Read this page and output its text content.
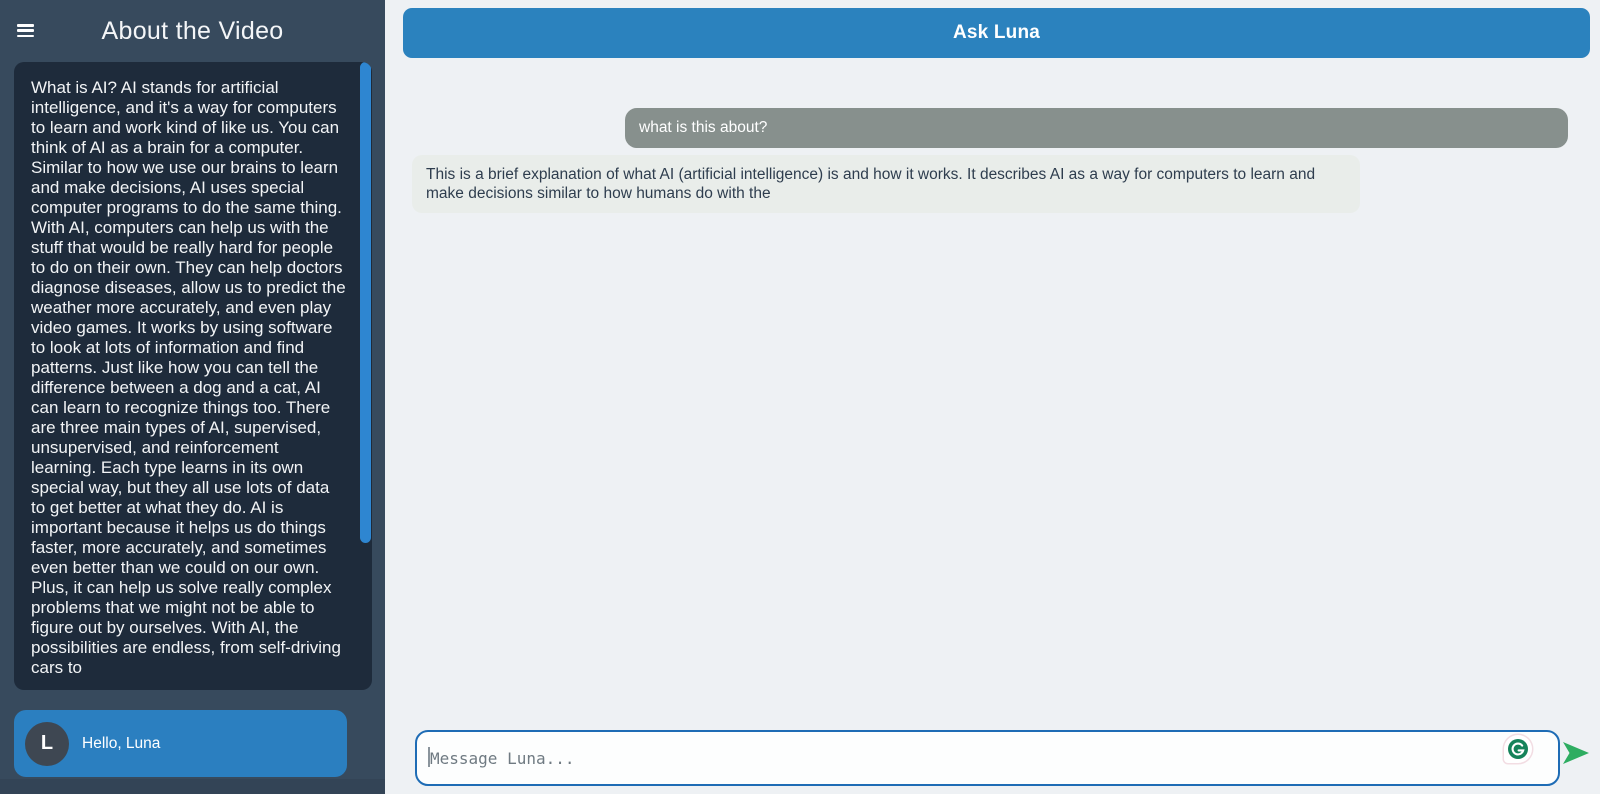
About the Video
What is AI? AI stands for artificial intelligence, and it's a way for computers to learn and work kind of like us. You can think of AI as a brain for a computer. Similar to how we use our brains to learn and make decisions, AI uses special computer programs to do the same thing. With AI, computers can help us with the stuff that would be really hard for people to do on their own. They can help doctors diagnose diseases, allow us to predict the weather more accurately, and even play video games. It works by using software to look at lots of information and find patterns. Just like how you can tell the difference between a dog and a cat, AI can learn to recognize things too. There are three main types of AI, supervised, unsupervised, and reinforcement learning. Each type learns in its own special way, but they all use lots of data to get better at what they do. AI is important because it helps us do things faster, more accurately, and sometimes even better than we could on our own. Plus, it can help us solve really complex problems that we might not be able to figure out by ourselves. With AI, the possibilities are endless, from self-driving cars to
L Hello, Luna
Ask Luna
what is this about?
This is a brief explanation of what AI (artificial intelligence) is and how it works. It describes AI as a way for computers to learn and make decisions similar to how humans do with the
Message Luna...
